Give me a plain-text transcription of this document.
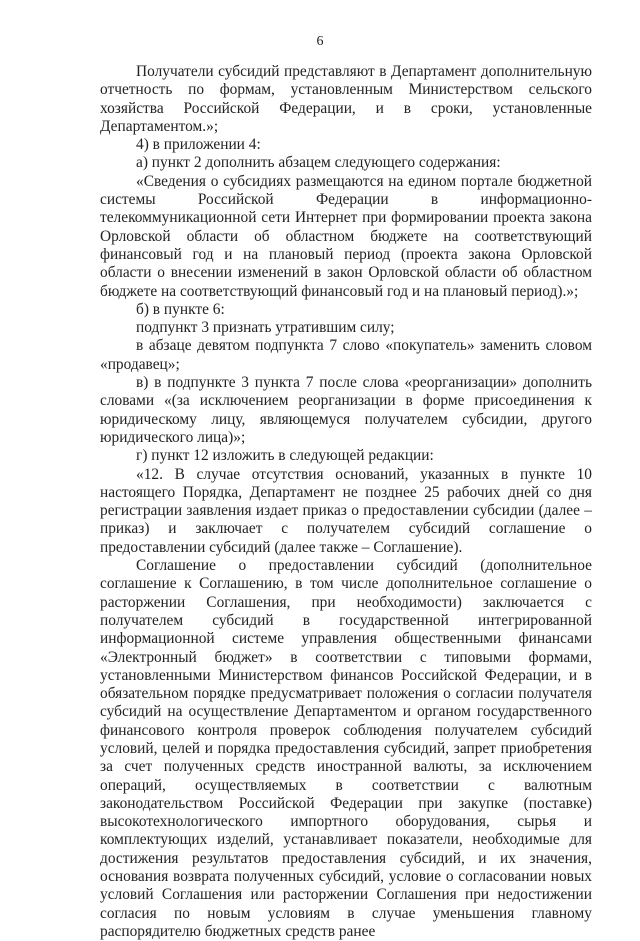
6

Получатели субсидий представляют в Департамент дополнительную отчетность по формам, установленным Министерством сельского хозяйства Российской Федерации, и в сроки, установленные Департаментом.»;

4) в приложении 4:

а) пункт 2 дополнить абзацем следующего содержания:

«Сведения о субсидиях размещаются на едином портале бюджетной системы Российской Федерации в информационно-телекоммуникационной сети Интернет при формировании проекта закона Орловской области об областном бюджете на соответствующий финансовый год и на плановый период (проекта закона Орловской области о внесении изменений в закон Орловской области об областном бюджете на соответствующий финансовый год и на плановый период).»;

б) в пункте 6:

подпункт 3 признать утратившим силу;

в абзаце девятом подпункта 7 слово «покупатель» заменить словом «продавец»;

в) в подпункте 3 пункта 7 после слова «реорганизации» дополнить словами «(за исключением реорганизации в форме присоединения к юридическому лицу, являющемуся получателем субсидии, другого юридического лица)»;

г) пункт 12 изложить в следующей редакции:

«12. В случае отсутствия оснований, указанных в пункте 10 настоящего Порядка, Департамент не позднее 25 рабочих дней со дня регистрации заявления издает приказ о предоставлении субсидии (далее – приказ) и заключает с получателем субсидий соглашение о предоставлении субсидий (далее также – Соглашение).

Соглашение о предоставлении субсидий (дополнительное соглашение к Соглашению, в том числе дополнительное соглашение о расторжении Соглашения, при необходимости) заключается с получателем субсидий в государственной интегрированной информационной системе управления общественными финансами «Электронный бюджет» в соответствии с типовыми формами, установленными Министерством финансов Российской Федерации, и в обязательном порядке предусматривает положения о согласии получателя субсидий на осуществление Департаментом и органом государственного финансового контроля проверок соблюдения получателем субсидий условий, целей и порядка предоставления субсидий, запрет приобретения за счет полученных средств иностранной валюты, за исключением операций, осуществляемых в соответствии с валютным законодательством Российской Федерации при закупке (поставке) высокотехнологического импортного оборудования, сырья и комплектующих изделий, устанавливает показатели, необходимые для достижения результатов предоставления субсидий, и их значения, основания возврата полученных субсидий, условие о согласовании новых условий Соглашения или расторжении Соглашения при недостижении согласия по новым условиям в случае уменьшения главному распорядителю бюджетных средств ранее
